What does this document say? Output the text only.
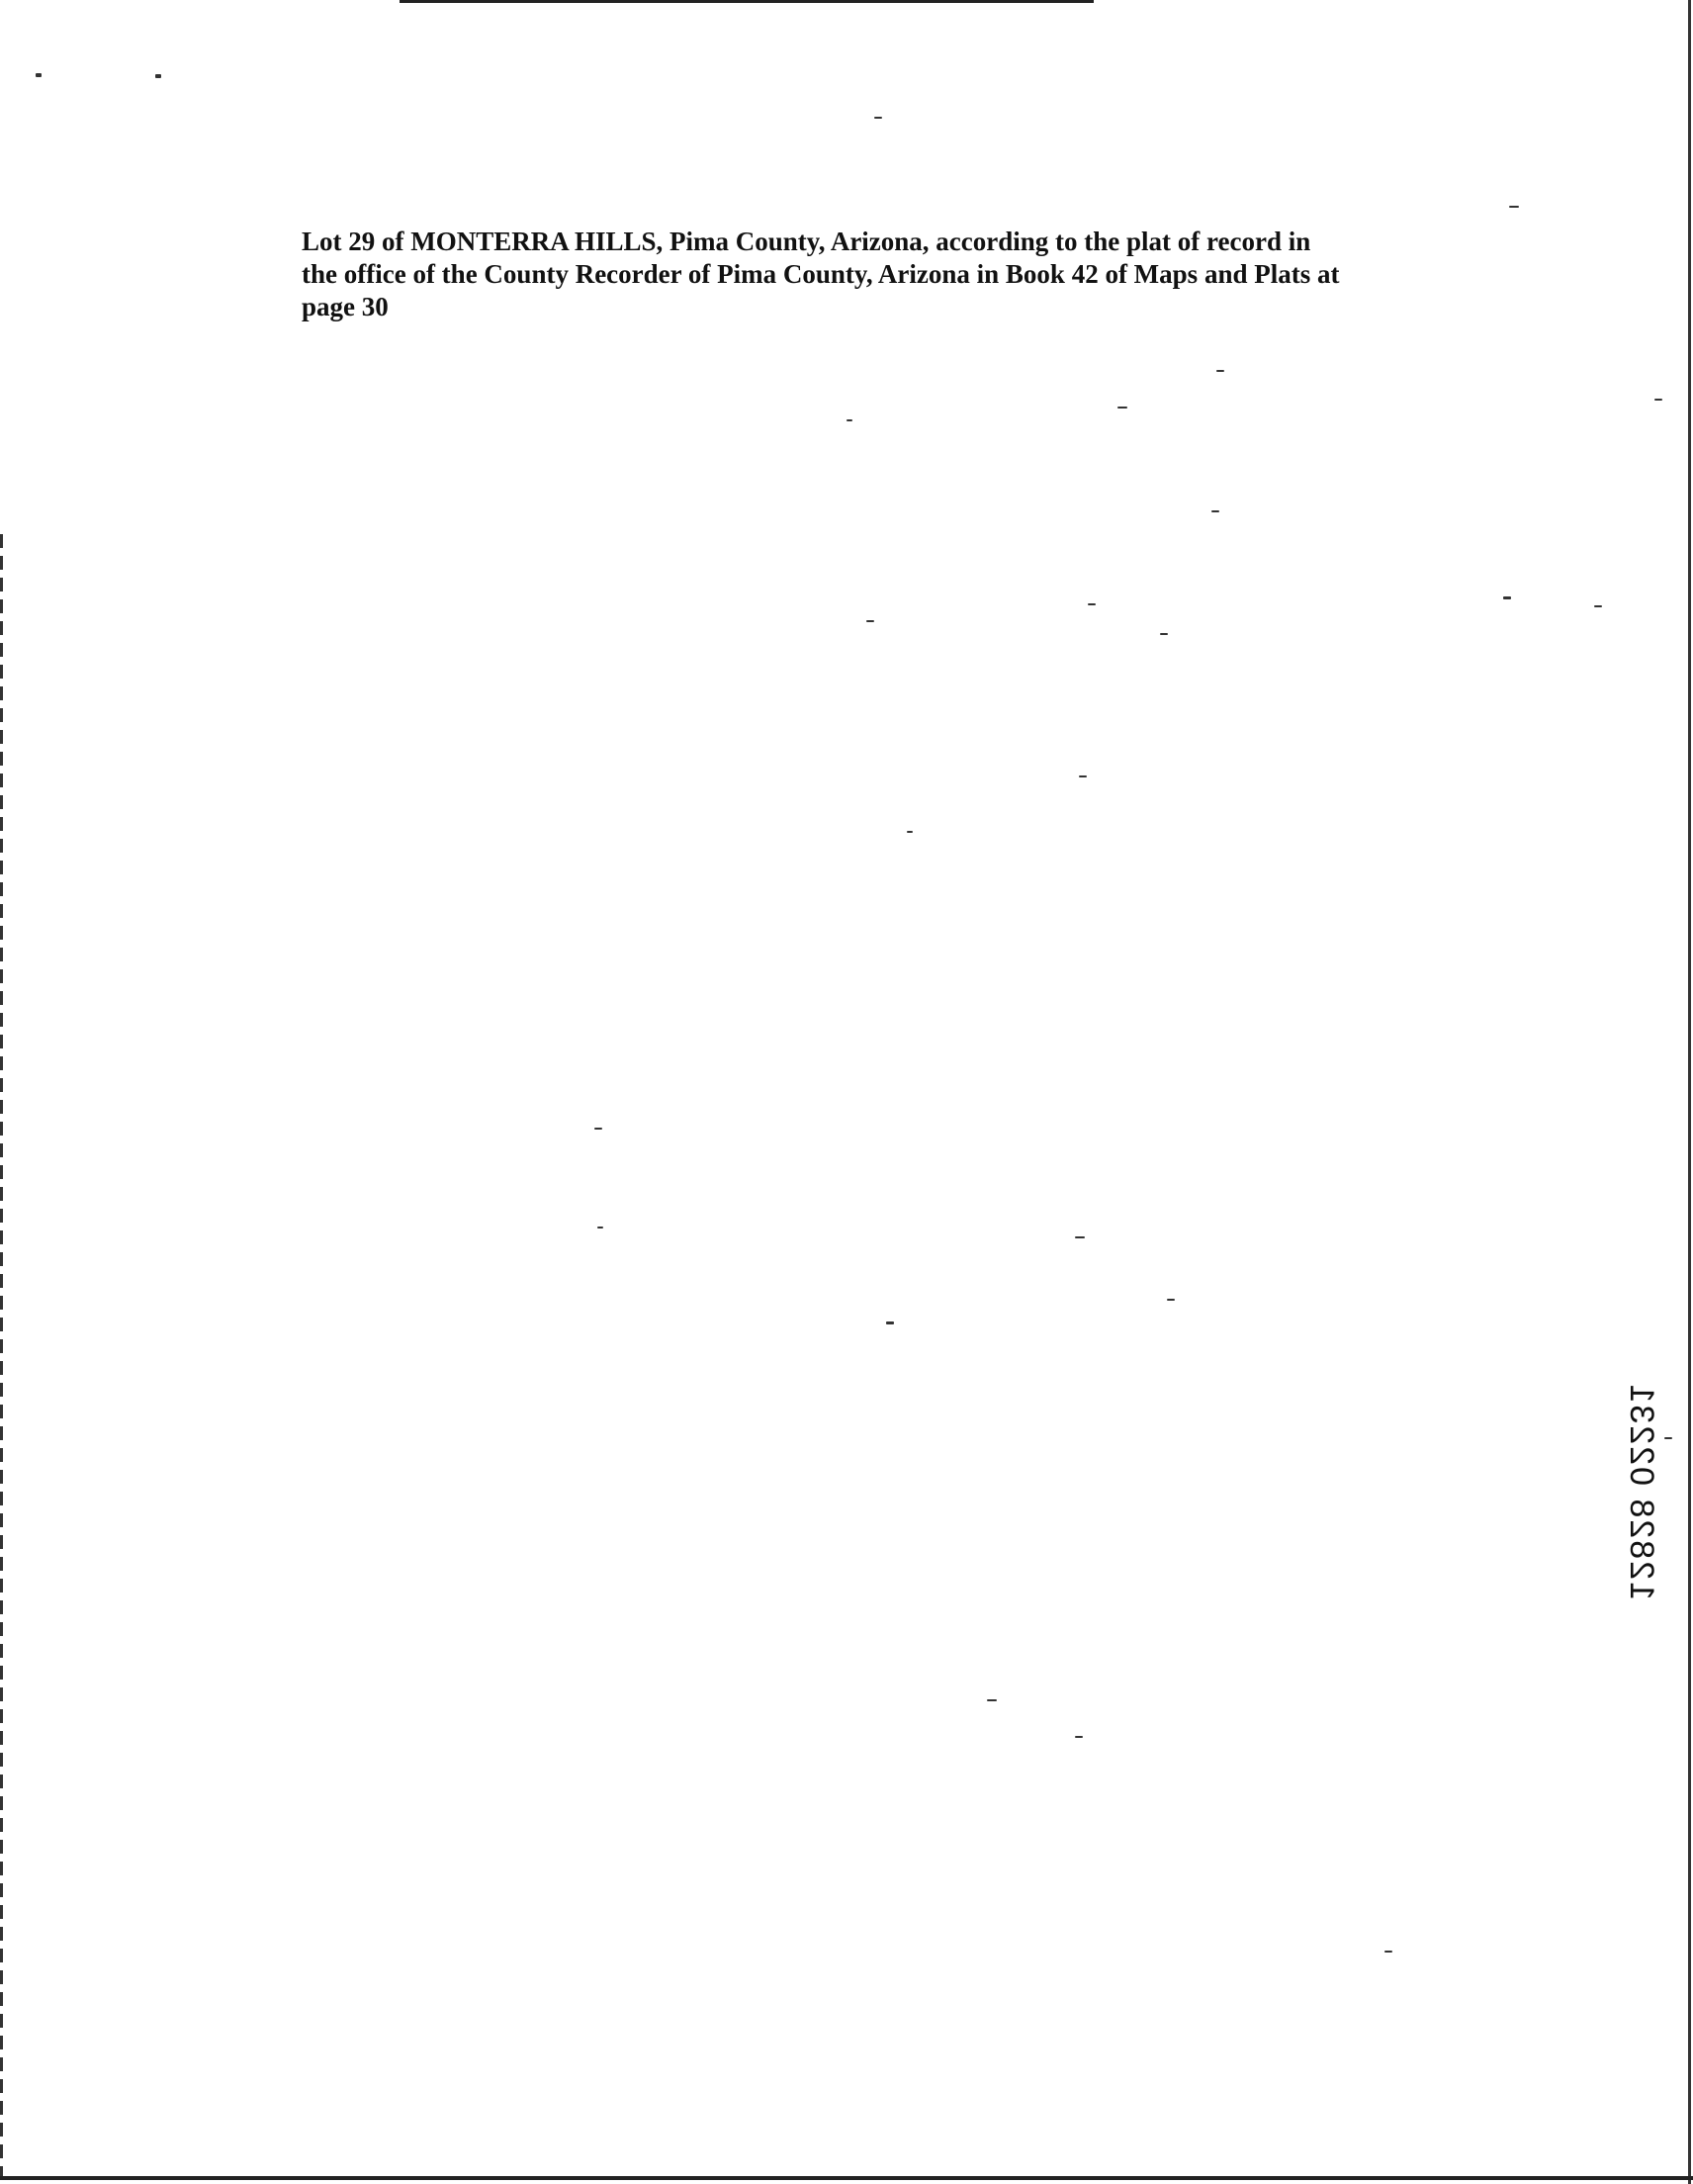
Lot 29 of MONTERRA HILLS, Pima County, Arizona, according to the plat of record in
the office of the County Recorder of Pima County, Arizona in Book 42 of Maps and Plats at
page 30
12828 02231
